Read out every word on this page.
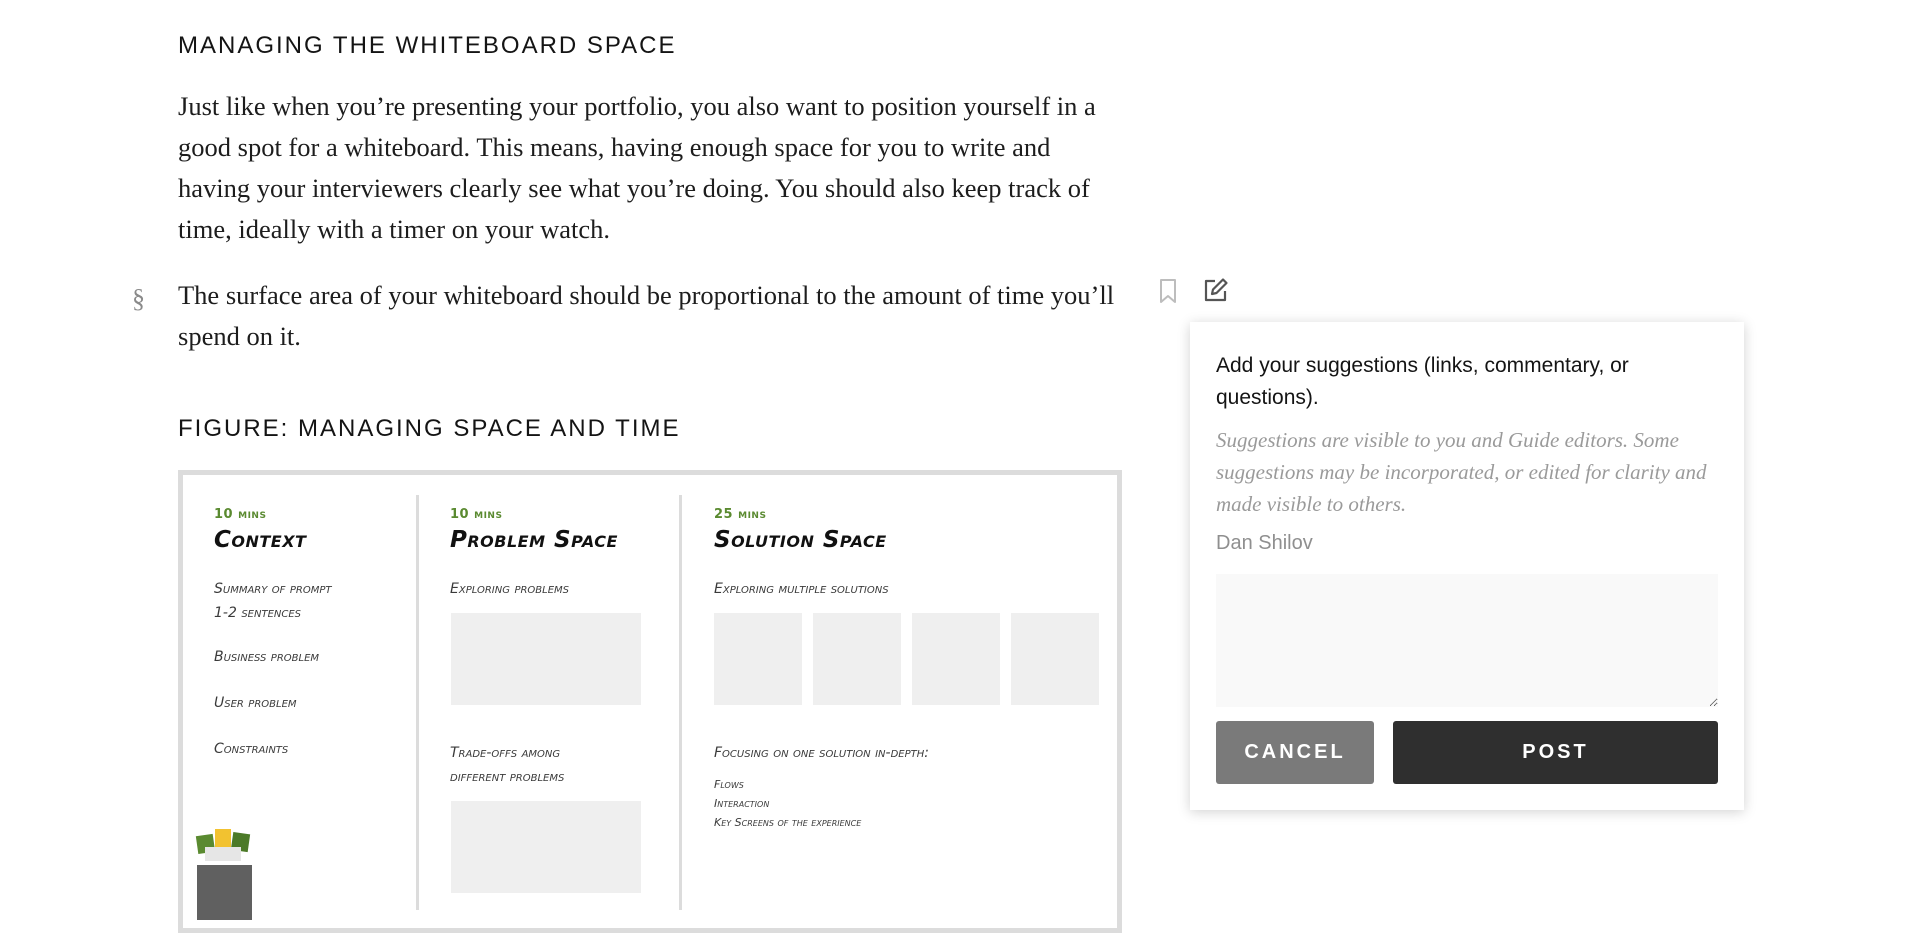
MANAGING THE WHITEBOARD SPACE

Just like when you’re presenting your portfolio, you also want to position yourself in a good spot for a whiteboard. This means, having enough space for you to write and having your interviewers clearly see what you’re doing. You should also keep track of time, ideally with a timer on your watch.

The surface area of your whiteboard should be proportional to the amount of time you’ll spend on it.

FIGURE: MANAGING SPACE AND TIME
§
10 mins
Context
Summary of prompt
1-2 sentences
Business problem
User problem
Constraints
10 mins
Problem Space
Exploring problems
Trade-offs among
different problems
25 mins
Solution Space
Exploring multiple solutions
Focusing on one solution in-depth:
Flows
Interaction
Key Screens of the experience

Add your suggestions (links, commentary, or questions).

Suggestions are visible to you and Guide editors. Some suggestions may be incorporated, or edited for clarity and made visible to others.

Dan Shilov
CANCEL	POST
